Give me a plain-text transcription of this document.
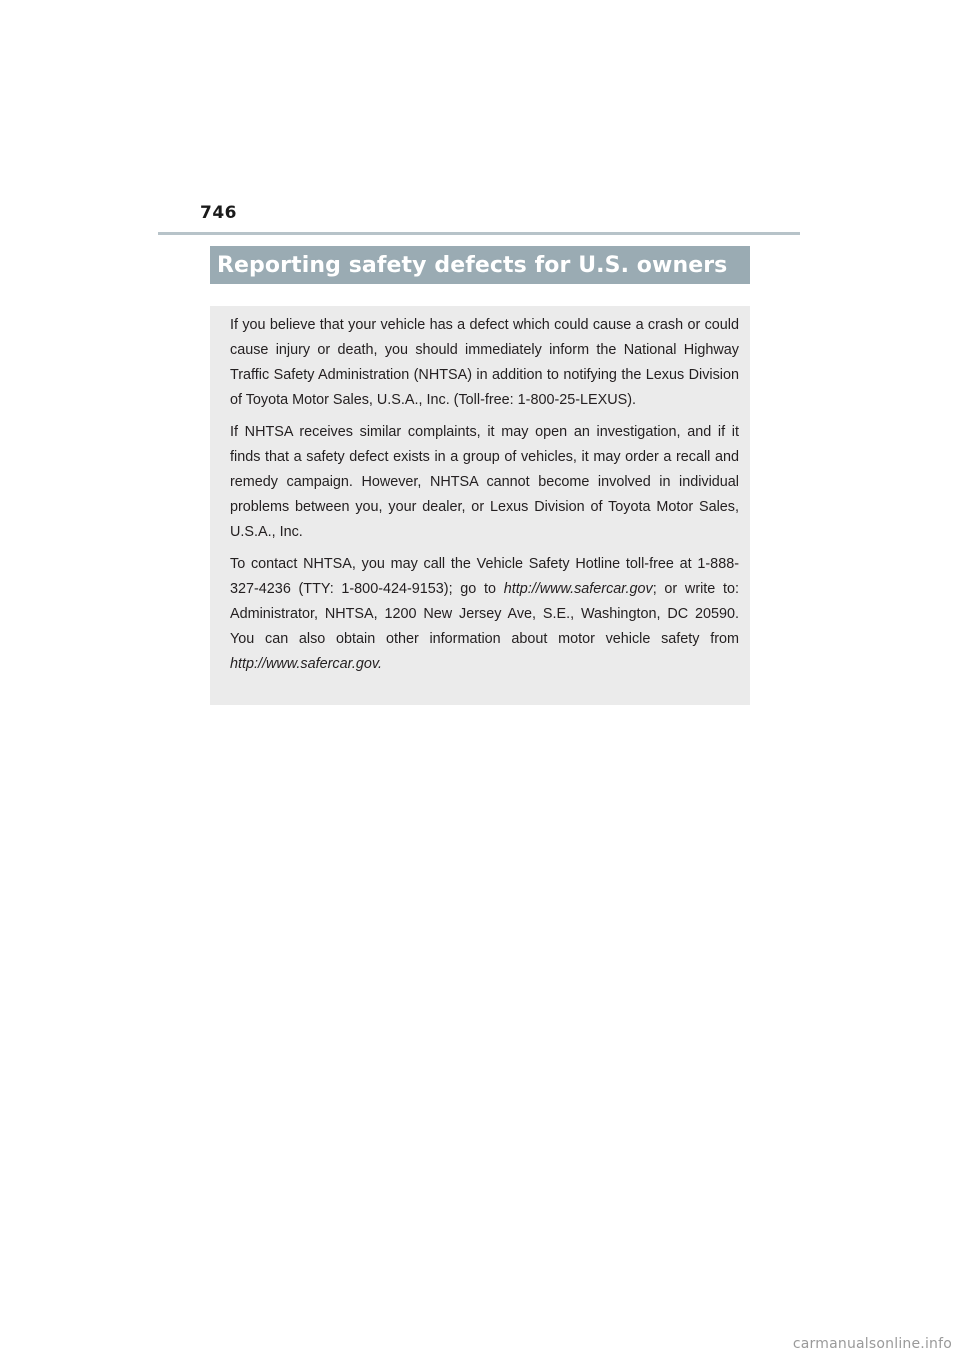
746
Reporting safety defects for U.S. owners

If you believe that your vehicle has a defect which could cause a crash or could cause injury or death, you should immediately inform the National Highway Traffic Safety Administration (NHTSA) in addition to notifying the Lexus Division of Toyota Motor Sales, U.S.A., Inc. (Toll-free: 1-800-25-LEXUS).

If NHTSA receives similar complaints, it may open an investigation, and if it finds that a safety defect exists in a group of vehicles, it may order a recall and remedy campaign. However, NHTSA cannot become involved in individual problems between you, your dealer, or Lexus Division of Toyota Motor Sales, U.S.A., Inc.

To contact NHTSA, you may call the Vehicle Safety Hotline toll-free at 1-888-327-4236 (TTY: 1-800-424-9153); go to http://www.safercar.gov; or write to: Administrator, NHTSA, 1200 New Jersey Ave, S.E., Washington, DC 20590. You can also obtain other information about motor vehicle safety from http://www.safercar.gov.

carmanualsonline.info
